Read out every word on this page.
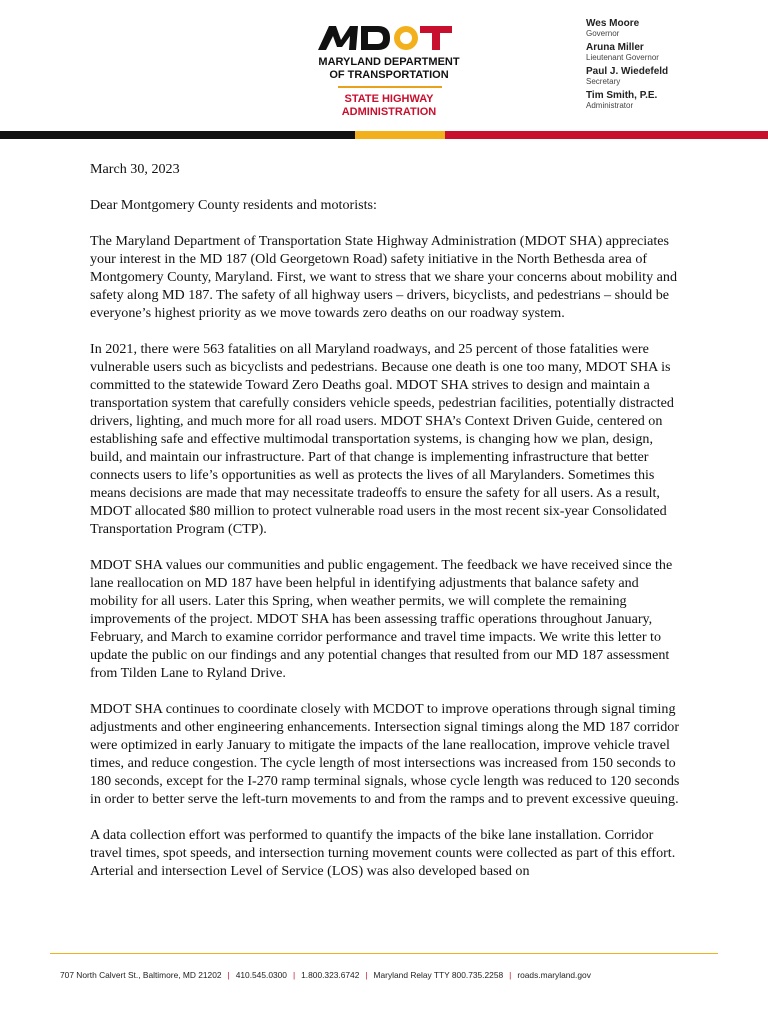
MARYLAND DEPARTMENT
OF TRANSPORTATION
STATE HIGHWAY
ADMINISTRATION
Wes Moore
Governor
Aruna Miller
Lieutenant Governor
Paul J. Wiedefeld
Secretary
Tim Smith, P.E.
Administrator

March 30, 2023

Dear Montgomery County residents and motorists:

The Maryland Department of Transportation State Highway Administration (MDOT SHA) appreciates your interest in the MD 187 (Old Georgetown Road) safety initiative in the North Bethesda area of Montgomery County, Maryland. First, we want to stress that we share your concerns about mobility and safety along MD 187. The safety of all highway users – drivers, bicyclists, and pedestrians – should be everyone’s highest priority as we move towards zero deaths on our roadway system.

In 2021, there were 563 fatalities on all Maryland roadways, and 25 percent of those fatalities were vulnerable users such as bicyclists and pedestrians. Because one death is one too many, MDOT SHA is committed to the statewide Toward Zero Deaths goal. MDOT SHA strives to design and maintain a transportation system that carefully considers vehicle speeds, pedestrian facilities, potentially distracted drivers, lighting, and much more for all road users. MDOT SHA’s Context Driven Guide, centered on establishing safe and effective multimodal transportation systems, is changing how we plan, design, build, and maintain our infrastructure. Part of that change is implementing infrastructure that better connects users to life’s opportunities as well as protects the lives of all Marylanders. Sometimes this means decisions are made that may necessitate tradeoffs to ensure the safety for all users. As a result, MDOT allocated $80 million to protect vulnerable road users in the most recent six-year Consolidated Transportation Program (CTP).

MDOT SHA values our communities and public engagement. The feedback we have received since the lane reallocation on MD 187 have been helpful in identifying adjustments that balance safety and mobility for all users. Later this Spring, when weather permits, we will complete the remaining improvements of the project. MDOT SHA has been assessing traffic operations throughout January, February, and March to examine corridor performance and travel time impacts. We write this letter to update the public on our findings and any potential changes that resulted from our MD 187 assessment from Tilden Lane to Ryland Drive.

MDOT SHA continues to coordinate closely with MCDOT to improve operations through signal timing adjustments and other engineering enhancements. Intersection signal timings along the MD 187 corridor were optimized in early January to mitigate the impacts of the lane reallocation, improve vehicle travel times, and reduce congestion. The cycle length of most intersections was increased from 150 seconds to 180 seconds, except for the I-270 ramp terminal signals, whose cycle length was reduced to 120 seconds in order to better serve the left-turn movements to and from the ramps and to prevent excessive queuing.

A data collection effort was performed to quantify the impacts of the bike lane installation. Corridor travel times, spot speeds, and intersection turning movement counts were collected as part of this effort. Arterial and intersection Level of Service (LOS) was also developed based on

707 North Calvert St., Baltimore, MD 21202 | 410.545.0300 | 1.800.323.6742 | Maryland Relay TTY 800.735.2258 | roads.maryland.gov
